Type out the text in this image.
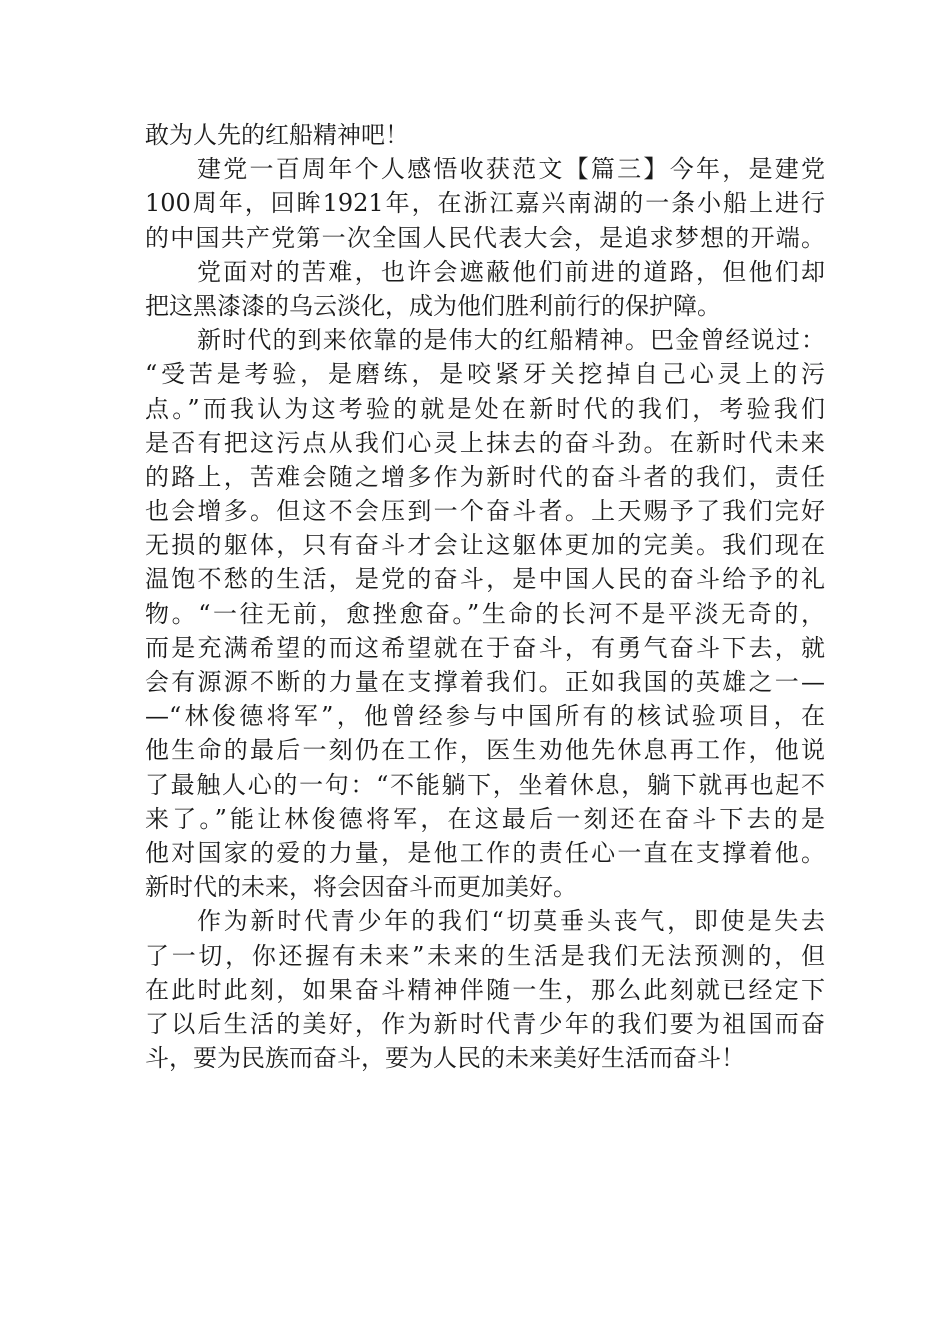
敢为人先的红船精神吧！
建党一百周年个人感悟收获范文【篇三】今年，是建党
100周年，回眸1921年，在浙江嘉兴南湖的一条小船上进行
的中国共产党第一次全国人民代表大会，是追求梦想的开端。
党面对的苦难，也许会遮蔽他们前进的道路，但他们却
把这黑漆漆的乌云淡化，成为他们胜利前行的保护障。
新时代的到来依靠的是伟大的红船精神。巴金曾经说过：
“受苦是考验，是磨练，是咬紧牙关挖掉自己心灵上的污
点。”而我认为这考验的就是处在新时代的我们，考验我们
是否有把这污点从我们心灵上抹去的奋斗劲。在新时代未来
的路上，苦难会随之增多作为新时代的奋斗者的我们，责任
也会增多。但这不会压到一个奋斗者。上天赐予了我们完好
无损的躯体，只有奋斗才会让这躯体更加的完美。我们现在
温饱不愁的生活，是党的奋斗，是中国人民的奋斗给予的礼
物。“一往无前，愈挫愈奋。”生命的长河不是平淡无奇的，
而是充满希望的而这希望就在于奋斗，有勇气奋斗下去，就
会有源源不断的力量在支撑着我们。正如我国的英雄之一—
—“林俊德将军”，他曾经参与中国所有的核试验项目，在
他生命的最后一刻仍在工作，医生劝他先休息再工作，他说
了最触人心的一句：“不能躺下，坐着休息，躺下就再也起不
来了。”能让林俊德将军，在这最后一刻还在奋斗下去的是
他对国家的爱的力量，是他工作的责任心一直在支撑着他。
新时代的未来，将会因奋斗而更加美好。
作为新时代青少年的我们“切莫垂头丧气，即使是失去
了一切，你还握有未来”未来的生活是我们无法预测的，但
在此时此刻，如果奋斗精神伴随一生，那么此刻就已经定下
了以后生活的美好，作为新时代青少年的我们要为祖国而奋
斗，要为民族而奋斗，要为人民的未来美好生活而奋斗！
